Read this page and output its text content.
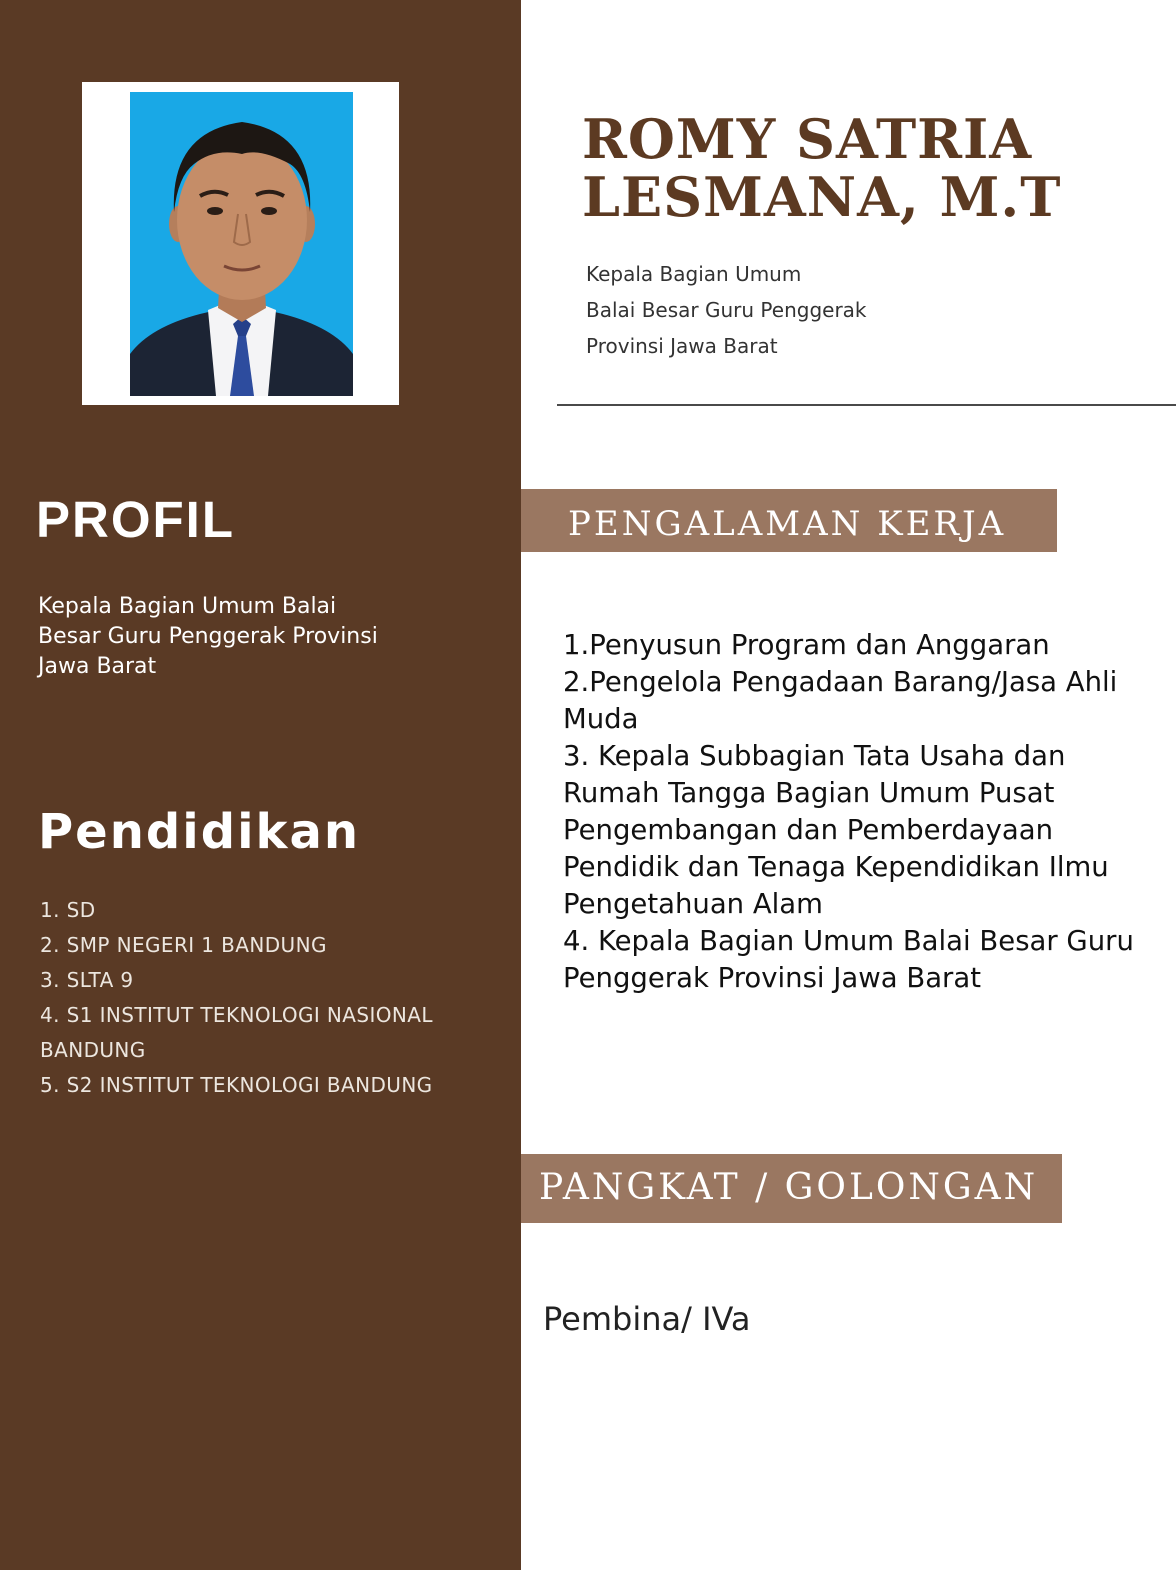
PROFIL

Kepala Bagian Umum Balai Besar Guru Penggerak Provinsi Jawa Barat

Pendidikan
1. SD
2. SMP NEGERI 1 BANDUNG
3. SLTA 9
4. S1 INSTITUT TEKNOLOGI NASIONAL BANDUNG
5. S2 INSTITUT TEKNOLOGI BANDUNG
ROMY SATRIA LESMANA, M.T
Kepala Bagian Umum
Balai Besar Guru Penggerak
Provinsi Jawa Barat
PENGALAMAN KERJA
1.Penyusun Program dan Anggaran
2.Pengelola Pengadaan Barang/Jasa Ahli Muda
3. Kepala Subbagian Tata Usaha dan Rumah Tangga Bagian Umum Pusat Pengembangan dan Pemberdayaan Pendidik dan Tenaga Kependidikan Ilmu Pengetahuan Alam
4. Kepala Bagian Umum Balai Besar Guru Penggerak Provinsi Jawa Barat
PANGKAT / GOLONGAN

Pembina/ IVa
